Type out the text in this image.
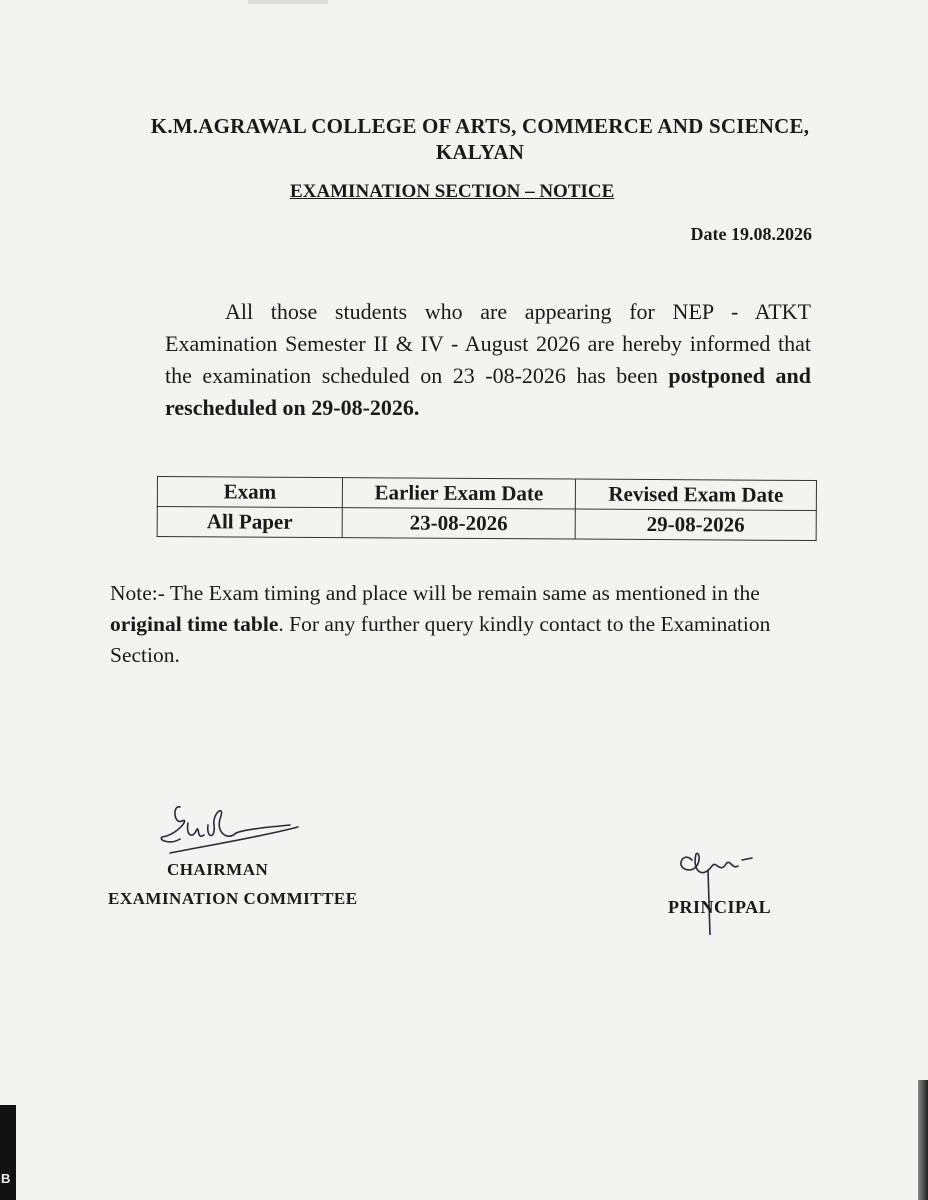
K.M.AGRAWAL COLLEGE OF ARTS, COMMERCE AND SCIENCE,
KALYAN
EXAMINATION SECTION – NOTICE
Date 19.08.2026
All those students who are appearing for NEP - ATKT Examination Semester II & IV - August 2026 are hereby informed that the examination scheduled on 23 -08-2026 has been postponed and rescheduled on 29-08-2026.
Exam	Earlier Exam Date	Revised Exam Date
All Paper	23-08-2026	29-08-2026
Note:- The Exam timing and place will be remain same as mentioned in the original time table. For any further query kindly contact to the Examination Section.
CHAIRMAN
EXAMINATION COMMITTEE	PRINCIPAL
B
